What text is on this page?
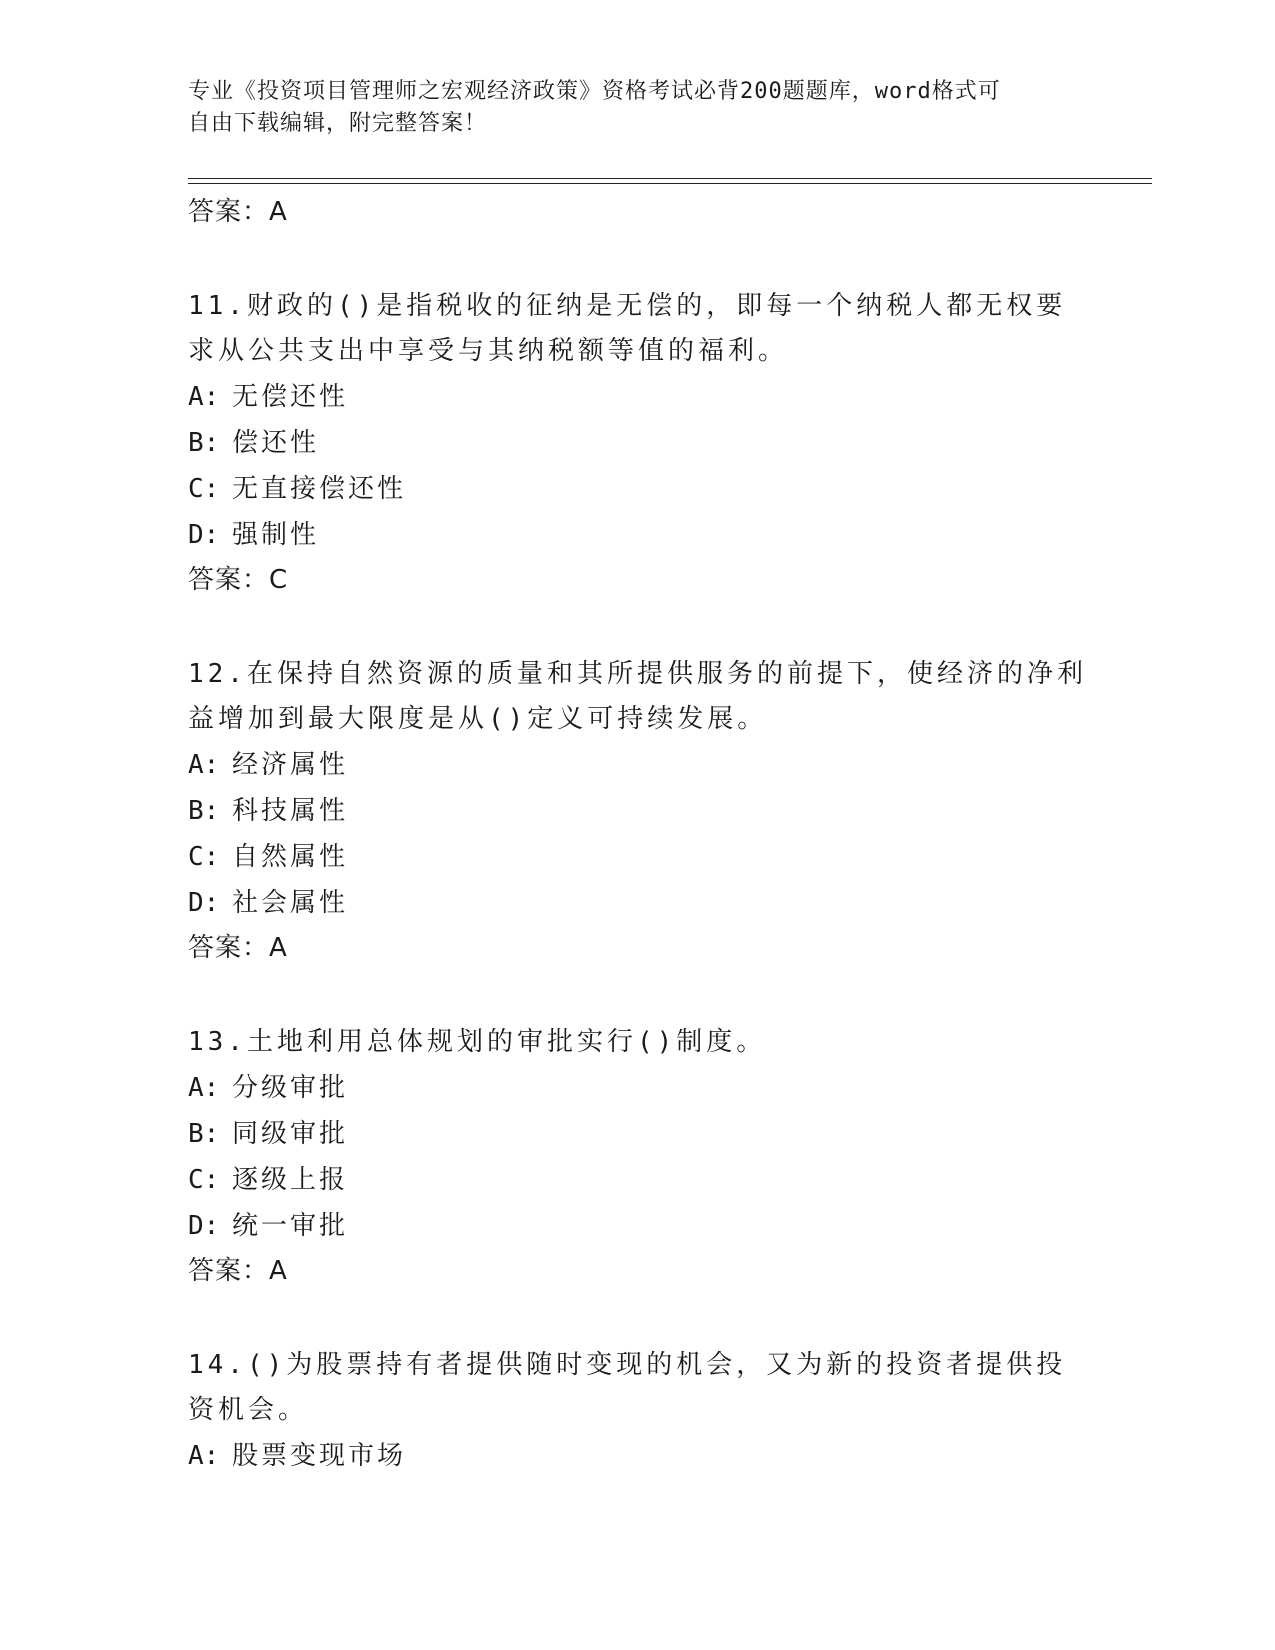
专业《投资项目管理师之宏观经济政策》资格考试必背200题题库，word格式可
自由下载编辑，附完整答案！
答案：A
11.财政的()是指税收的征纳是无偿的，即每一个纳税人都无权要求从公共支出中享受与其纳税额等值的福利。
A: 无偿还性
B: 偿还性
C: 无直接偿还性
D: 强制性
答案：C
12.在保持自然资源的质量和其所提供服务的前提下，使经济的净利益增加到最大限度是从()定义可持续发展。
A: 经济属性
B: 科技属性
C: 自然属性
D: 社会属性
答案：A
13.土地利用总体规划的审批实行()制度。
A: 分级审批
B: 同级审批
C: 逐级上报
D: 统一审批
答案：A
14.()为股票持有者提供随时变现的机会，又为新的投资者提供投资机会。
A: 股票变现市场
